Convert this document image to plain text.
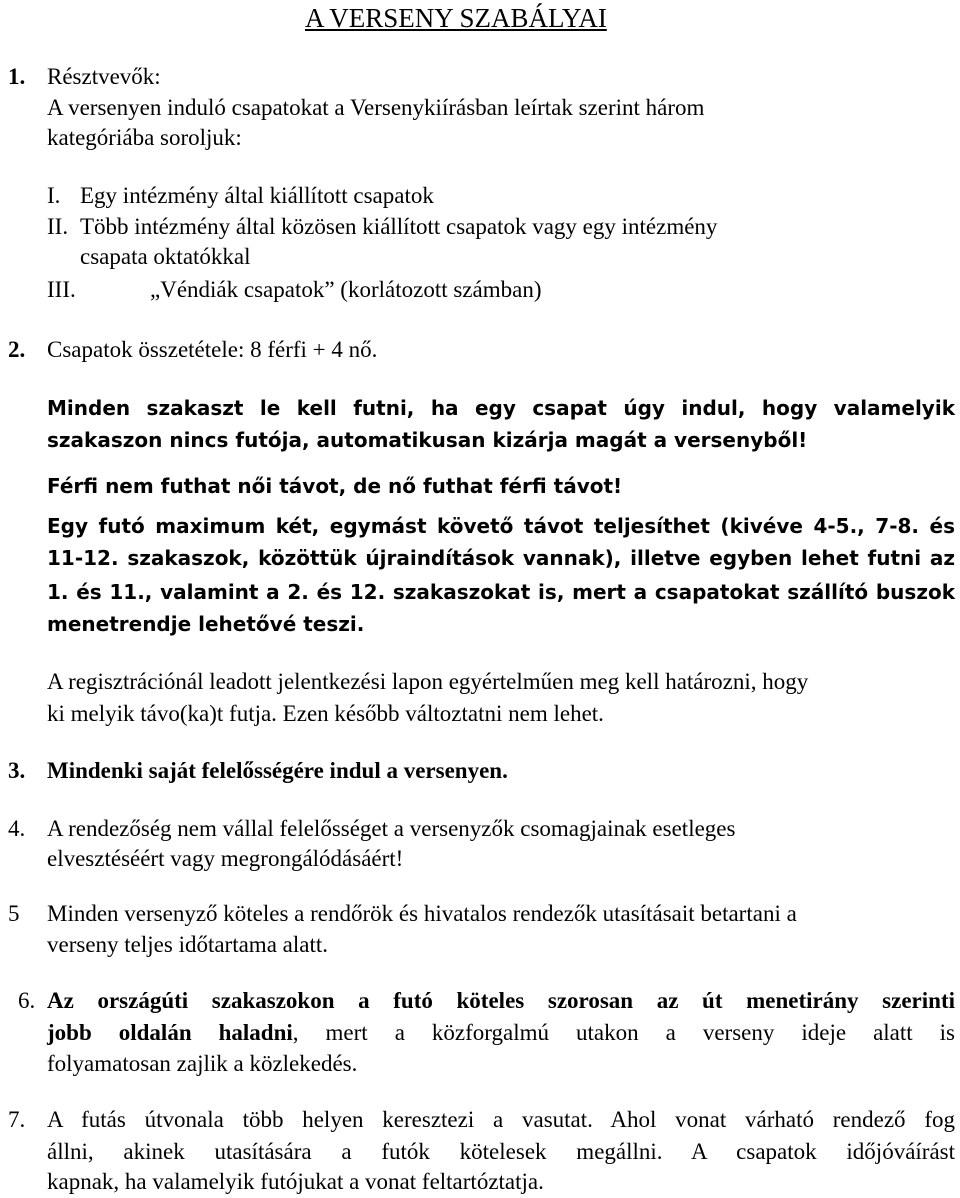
A VERSENY SZABÁLYAI
1. Résztvevők:
A versenyen induló csapatokat a Versenykiírásban leírtak szerint három
kategóriába soroljuk:
I. Egy intézmény által kiállított csapatok
II. Több intézmény által közösen kiállított csapatok vagy egy intézmény
csapata oktatókkal
III.	„Véndiák csapatok” (korlátozott számban)
2. Csapatok összetétele: 8 férfi + 4 nő.
Minden szakaszt le kell futni, ha egy csapat úgy indul, hogy valamelyik
szakaszon nincs futója, automatikusan kizárja magát a versenyből!
Férfi nem futhat női távot, de nő futhat férfi távot!
Egy futó maximum két, egymást követő távot teljesíthet (kivéve 4-5., 7-8. és
11-12. szakaszok, közöttük újraindítások vannak), illetve egyben lehet futni az
1. és 11., valamint a 2. és 12. szakaszokat is, mert a csapatokat szállító buszok
menetrendje lehetővé teszi.
A regisztrációnál leadott jelentkezési lapon egyértelműen meg kell határozni, hogy
ki melyik távo(ka)t futja. Ezen később változtatni nem lehet.
3. Mindenki saját felelősségére indul a versenyen.
4. A rendezőség nem vállal felelősséget a versenyzők csomagjainak esetleges
elvesztéséért vagy megrongálódásáért!
5 Minden versenyző köteles a rendőrök és hivatalos rendezők utasításait betartani a
verseny teljes időtartama alatt.
6. Az országúti szakaszokon a futó köteles szorosan az út menetirány szerinti
jobb oldalán haladni, mert a közforgalmú utakon a verseny ideje alatt is
folyamatosan zajlik a közlekedés.
7. A futás útvonala több helyen keresztezi a vasutat. Ahol vonat várható rendező fog
állni, akinek utasítására a futók kötelesek megállni. A csapatok időjóváírást
kapnak, ha valamelyik futójukat a vonat feltartóztatja.
